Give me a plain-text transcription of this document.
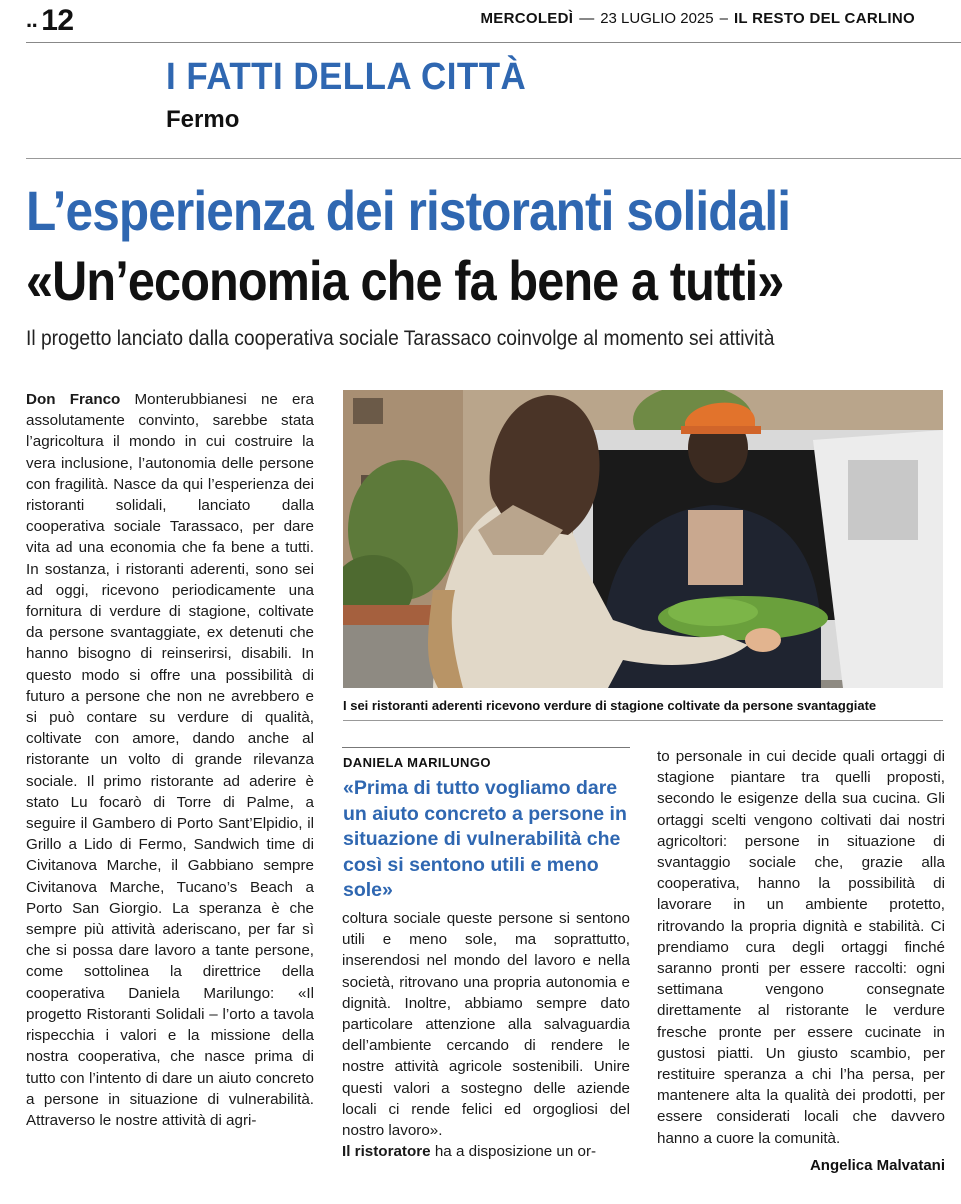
.. 12	MERCOLEDÌ — 23 LUGLIO 2025 – IL RESTO DEL CARLINO
I FATTI DELLA CITTÀ
Fermo
L’esperienza dei ristoranti solidali
«Un’economia che fa bene a tutti»
Il progetto lanciato dalla cooperativa sociale Tarassaco coinvolge al momento sei attività
Don Franco Monterubbianesi ne era assolutamente convinto, sarebbe stata l’agricoltura il mondo in cui costruire la vera inclusione, l’autonomia delle persone con fragilità. Nasce da qui l’esperienza dei ristoranti solidali, lanciato dalla cooperativa sociale Tarassaco, per dare vita ad una economia che fa bene a tutti. In sostanza, i ristoranti aderenti, sono sei ad oggi, ricevono periodicamente una fornitura di verdure di stagione, coltivate da persone svantaggiate, ex detenuti che hanno bisogno di reinserirsi, disabili. In questo modo si offre una possibilità di futuro a persone che non ne avrebbero e si può contare su verdure di qualità, coltivate con amore, dando anche al ristorante un volto di grande rilevanza sociale. Il primo ristorante ad aderire è stato Lu focarò di Torre di Palme, a seguire il Gambero di Porto Sant’Elpidio, il Grillo a Lido di Fermo, Sandwich time di Civitanova Marche, il Gabbiano sempre Civitanova Marche, Tucano’s Beach a Porto San Giorgio. La speranza è che sempre più attività aderiscano, per far sì che si possa dare lavoro a tante persone, come sottolinea la direttrice della cooperativa Daniela Marilungo: «Il progetto Ristoranti Solidali – l’orto a tavola rispecchia i valori e la missione della nostra cooperativa, che nasce prima di tutto con l’intento di dare un aiuto concreto a persone in situazione di vulnerabilità. Attraverso le nostre attività di agri-
I sei ristoranti aderenti ricevono verdure di stagione coltivate da persone svantaggiate
DANIELA MARILUNGO
«Prima di tutto vogliamo dare un aiuto concreto a persone in situazione di vulnerabilità che così si sentono utili e meno sole»
coltura sociale queste persone si sentono utili e meno sole, ma soprattutto, inserendosi nel mondo del lavoro e nella società, ritrovano una propria autonomia e dignità. Inoltre, abbiamo sempre dato particolare attenzione alla salvaguardia dell’ambiente cercando di rendere le nostre attività agricole sostenibili. Unire questi valori a sostegno delle aziende locali ci rende felici ed orgogliosi del nostro lavoro».
Il ristoratore ha a disposizione un or-
to personale in cui decide quali ortaggi di stagione piantare tra quelli proposti, secondo le esigenze della sua cucina. Gli ortaggi scelti vengono coltivati dai nostri agricoltori: persone in situazione di svantaggio sociale che, grazie alla cooperativa, hanno la possibilità di lavorare in un ambiente protetto, ritrovando la propria dignità e stabilità. Ci prendiamo cura degli ortaggi finché saranno pronti per essere raccolti: ogni settimana vengono consegnate direttamente al ristorante le verdure fresche pronte per essere cucinate in gustosi piatti. Un giusto scambio, per restituire speranza a chi l’ha persa, per mantenere alta la qualità dei prodotti, per essere considerati locali che davvero hanno a cuore la comunità.
Angelica Malvatani
